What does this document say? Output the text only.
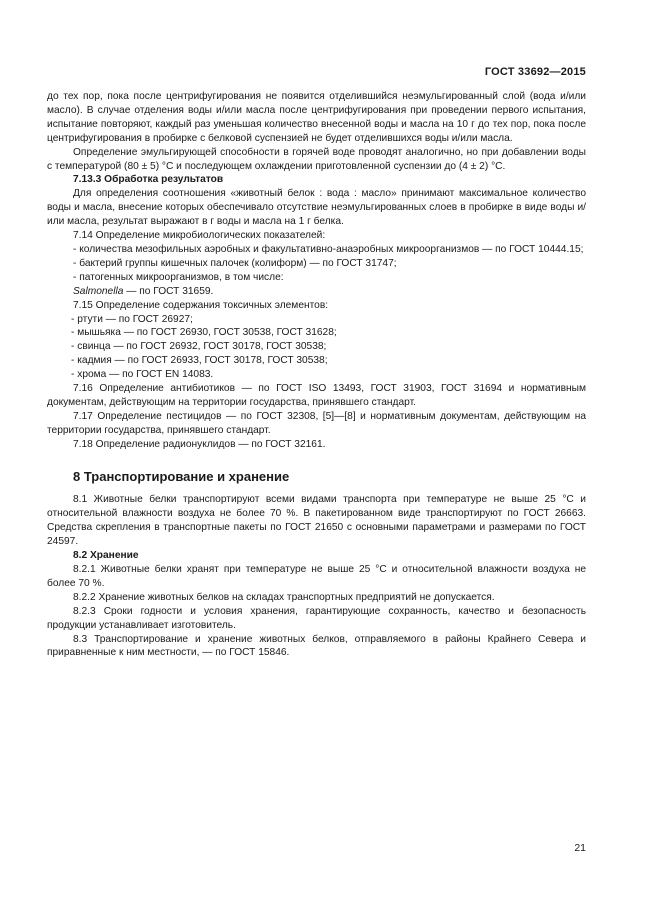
ГОСТ 33692—2015

до тех пор, пока после центрифугирования не появится отделившийся неэмульгированный слой (вода и/или масло). В случае отделения воды и/или масла после центрифугирования при проведении первого испытания, испытание повторяют, каждый раз уменьшая количество внесенной воды и масла на 10 г до тех пор, пока после центрифугирования в пробирке с белковой суспензией не будет отделившихся воды и/или масла.

Определение эмульгирующей способности в горячей воде проводят аналогично, но при добавлении воды с температурой (80 ± 5) °C и последующем охлаждении приготовленной суспензии до (4 ± 2) °С.

7.13.3 Обработка результатов

Для определения соотношения «животный белок : вода : масло» принимают максимальное количество воды и масла, внесение которых обеспечивало отсутствие неэмульгированных слоев в пробирке в виде воды и/или масла, результат выражают в г воды и масла на 1 г белка.

7.14 Определение микробиологических показателей:

- количества мезофильных аэробных и факультативно-анаэробных микроорганизмов — по ГОСТ 10444.15;

- бактерий группы кишечных палочек (колиформ) — по ГОСТ 31747;

- патогенных микроорганизмов, в том числе:

Salmonella — по ГОСТ 31659.

7.15 Определение содержания токсичных элементов:

- ртути — по ГОСТ 26927;

- мышьяка — по ГОСТ 26930, ГОСТ 30538, ГОСТ 31628;

- свинца — по ГОСТ 26932, ГОСТ 30178, ГОСТ 30538;

- кадмия — по ГОСТ 26933, ГОСТ 30178, ГОСТ 30538;

- хрома — по ГОСТ EN 14083.

7.16 Определение антибиотиков — по ГОСТ ISO 13493, ГОСТ 31903, ГОСТ 31694 и нормативным документам, действующим на территории государства, принявшего стандарт.

7.17 Определение пестицидов — по ГОСТ 32308, [5]—[8] и нормативным документам, действующим на территории государства, принявшего стандарт.

7.18 Определение радионуклидов — по ГОСТ 32161.

8 Транспортирование и хранение

8.1 Животные белки транспортируют всеми видами транспорта при температуре не выше 25 °С и относительной влажности воздуха не более 70 %. В пакетированном виде транспортируют по ГОСТ 26663. Средства скрепления в транспортные пакеты по ГОСТ 21650 с основными параметрами и размерами по ГОСТ 24597.

8.2 Хранение

8.2.1 Животные белки хранят при температуре не выше 25 °С и относительной влажности воздуха не более 70 %.

8.2.2 Хранение животных белков на складах транспортных предприятий не допускается.

8.2.3 Сроки годности и условия хранения, гарантирующие сохранность, качество и безопасность продукции устанавливает изготовитель.

8.3 Транспортирование и хранение животных белков, отправляемого в районы Крайнего Севера и приравненные к ним местности, — по ГОСТ 15846.

21
